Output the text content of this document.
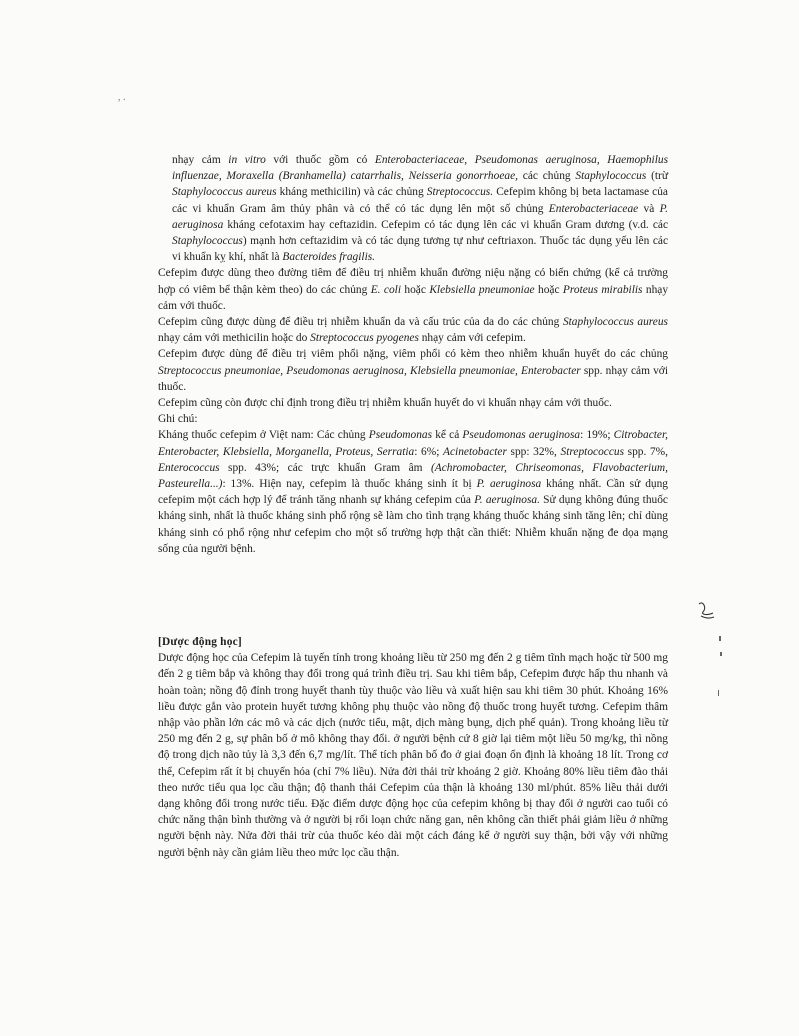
, .

nhạy cảm in vitro với thuốc gồm có Enterobacteriaceae, Pseudomonas aeruginosa, Haemophilus influenzae, Moraxella (Branhamella) catarrhalis, Neisseria gonorrhoeae, các chủng Staphylococcus (trừ Staphylococcus aureus kháng methicilin) và các chủng Streptococcus. Cefepim không bị beta lactamase của các vi khuẩn Gram âm thủy phân và có thể có tác dụng lên một số chủng Enterobacteriaceae và P. aeruginosa kháng cefotaxim hay ceftazidin. Cefepim có tác dụng lên các vi khuẩn Gram dương (v.d. các Staphylococcus) mạnh hơn ceftazidim và có tác dụng tương tự như ceftriaxon. Thuốc tác dụng yếu lên các vi khuẩn kỵ khí, nhất là Bacteroides fragilis.

Cefepim được dùng theo đường tiêm để điều trị nhiễm khuẩn đường niệu nặng có biến chứng (kể cả trường hợp có viêm bể thận kèm theo) do các chủng E. coli hoặc Klebsiella pneumoniae hoặc Proteus mirabilis nhạy cảm với thuốc.

Cefepim cũng được dùng để điều trị nhiễm khuẩn da và cấu trúc của da do các chủng Staphylococcus aureus nhạy cảm với methicilin hoặc do Streptococcus pyogenes nhạy cảm với cefepim.

Cefepim được dùng để điều trị viêm phổi nặng, viêm phổi có kèm theo nhiễm khuẩn huyết do các chủng Streptococcus pneumoniae, Pseudomonas aeruginosa, Klebsiella pneumoniae, Enterobacter spp. nhạy cảm với thuốc.

Cefepim cũng còn được chỉ định trong điều trị nhiễm khuẩn huyết do vi khuẩn nhạy cảm với thuốc.

Ghi chú:

Kháng thuốc cefepim ở Việt nam: Các chủng Pseudomonas kể cả Pseudomonas aeruginosa: 19%; Citrobacter, Enterobacter, Klebsiella, Morganella, Proteus, Serratia: 6%; Acinetobacter spp: 32%, Streptococcus spp. 7%, Enterococcus spp. 43%; các trực khuẩn Gram âm (Achromobacter, Chriseomonas, Flavobacterium, Pasteurella...): 13%. Hiện nay, cefepim là thuốc kháng sinh ít bị P. aeruginosa kháng nhất. Cần sử dụng cefepim một cách hợp lý để tránh tăng nhanh sự kháng cefepim của P. aeruginosa. Sử dụng không đúng thuốc kháng sinh, nhất là thuốc kháng sinh phổ rộng sẽ làm cho tình trạng kháng thuốc kháng sinh tăng lên; chỉ dùng kháng sinh có phổ rộng như cefepim cho một số trường hợp thật cần thiết: Nhiễm khuẩn nặng đe dọa mạng sống của người bệnh.

[Dược động học]

Dược động học của Cefepim là tuyến tính trong khoảng liều từ 250 mg đến 2 g tiêm tĩnh mạch hoặc từ 500 mg đến 2 g tiêm bắp và không thay đổi trong quá trình điều trị. Sau khi tiêm bắp, Cefepim được hấp thu nhanh và hoàn toàn; nồng độ đỉnh trong huyết thanh tùy thuộc vào liều và xuất hiện sau khi tiêm 30 phút. Khoảng 16% liều được gắn vào protein huyết tương không phụ thuộc vào nồng độ thuốc trong huyết tương. Cefepim thâm nhập vào phần lớn các mô và các dịch (nước tiểu, mật, dịch màng bụng, dịch phế quản). Trong khoảng liều từ 250 mg đến 2 g, sự phân bố ở mô không thay đổi. ở người bệnh cứ 8 giờ lại tiêm một liều 50 mg/kg, thì nồng độ trong dịch não tủy là 3,3 đến 6,7 mg/lít. Thể tích phân bố đo ở giai đoạn ổn định là khoảng 18 lít. Trong cơ thể, Cefepim rất ít bị chuyển hóa (chỉ 7% liều). Nửa đời thải trừ khoảng 2 giờ. Khoảng 80% liều tiêm đào thải theo nước tiểu qua lọc cầu thận; độ thanh thải Cefepim của thận là khoảng 130 ml/phút. 85% liều thải dưới dạng không đổi trong nước tiểu. Đặc điểm dược động học của cefepim không bị thay đổi ở người cao tuổi có chức năng thận bình thường và ở người bị rối loạn chức năng gan, nên không cần thiết phải giảm liều ở những người bệnh này. Nửa đời thải trừ của thuốc kéo dài một cách đáng kể ở người suy thận, bởi vậy với những người bệnh này cần giảm liều theo mức lọc cầu thận.
